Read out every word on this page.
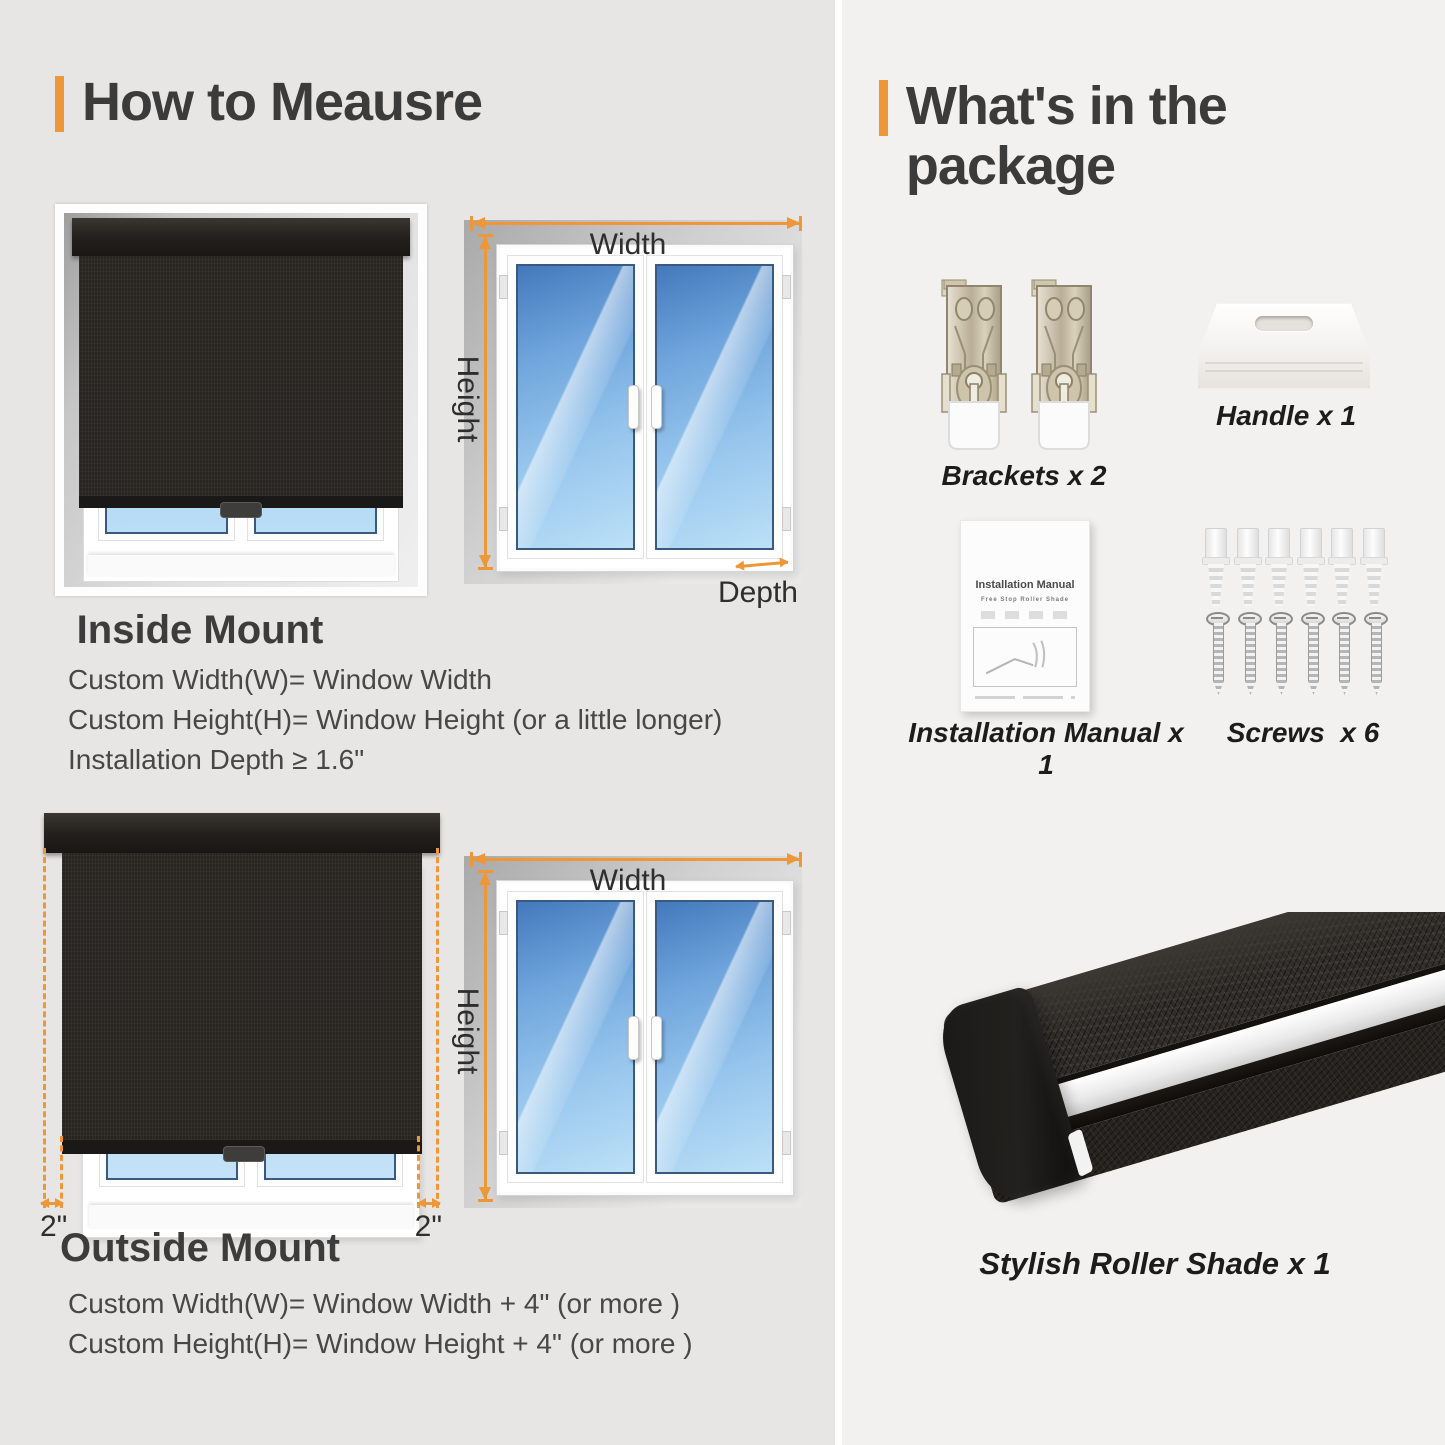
How to Meausre
Width
Height
Depth
Inside Mount
Custom Width(W)= Window Width
Custom Height(H)= Window Height (or a little longer)
Installation Depth ≥ 1.6"
2"	2"
Width
Height
Outside Mount
Custom Width(W)= Window Width + 4" (or more )
Custom Height(H)= Window Height + 4" (or more )
What's in the package
Brackets x 2
Handle x 1
Installation Manual
Free Stop Roller Shade
Installation Manual x 1
Screws  x 6
Stylish Roller Shade x 1
